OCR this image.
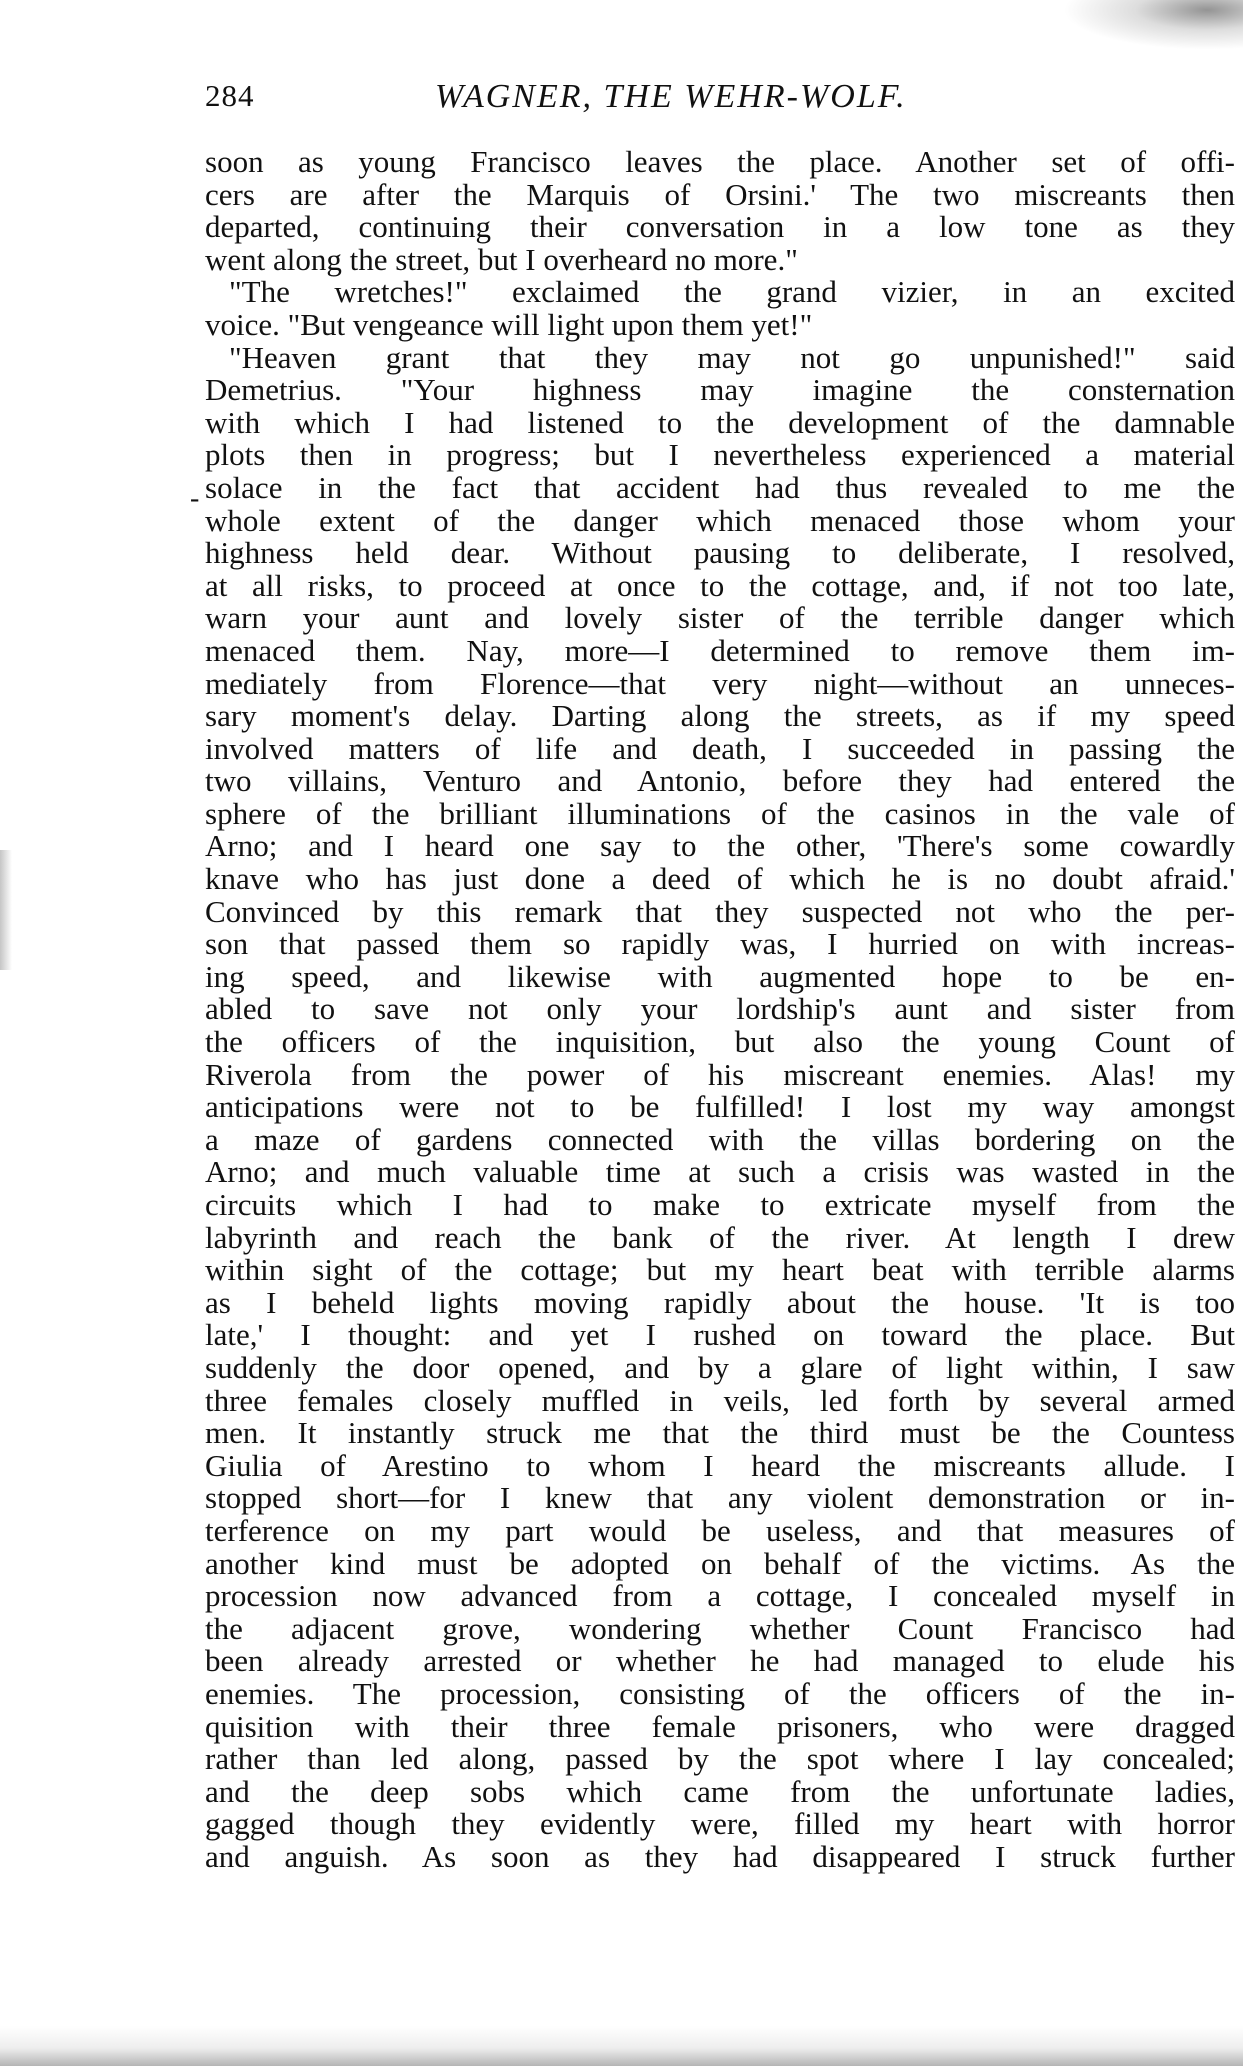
284	WAGNER, THE WEHR-WOLF.
-
soon as young Francisco leaves the place. Another set of offi-
cers are after the Marquis of Orsini.' The two miscreants then
departed, continuing their conversation in a low tone as they
went along the street, but I overheard no more."
"The wretches!" exclaimed the grand vizier, in an excited
voice. "But vengeance will light upon them yet!"
"Heaven grant that they may not go unpunished!" said
Demetrius. "Your highness may imagine the consternation
with which I had listened to the development of the damnable
plots then in progress; but I nevertheless experienced a material
solace in the fact that accident had thus revealed to me the
whole extent of the danger which menaced those whom your
highness held dear. Without pausing to deliberate, I resolved,
at all risks, to proceed at once to the cottage, and, if not too late,
warn your aunt and lovely sister of the terrible danger which
menaced them. Nay, more—I determined to remove them im-
mediately from Florence—that very night—without an unneces-
sary moment's delay. Darting along the streets, as if my speed
involved matters of life and death, I succeeded in passing the
two villains, Venturo and Antonio, before they had entered the
sphere of the brilliant illuminations of the casinos in the vale of
Arno; and I heard one say to the other, 'There's some cowardly
knave who has just done a deed of which he is no doubt afraid.'
Convinced by this remark that they suspected not who the per-
son that passed them so rapidly was, I hurried on with increas-
ing speed, and likewise with augmented hope to be en-
abled to save not only your lordship's aunt and sister from
the officers of the inquisition, but also the young Count of
Riverola from the power of his miscreant enemies. Alas! my
anticipations were not to be fulfilled! I lost my way amongst
a maze of gardens connected with the villas bordering on the
Arno; and much valuable time at such a crisis was wasted in the
circuits which I had to make to extricate myself from the
labyrinth and reach the bank of the river. At length I drew
within sight of the cottage; but my heart beat with terrible alarms
as I beheld lights moving rapidly about the house. 'It is too
late,' I thought: and yet I rushed on toward the place. But
suddenly the door opened, and by a glare of light within, I saw
three females closely muffled in veils, led forth by several armed
men. It instantly struck me that the third must be the Countess
Giulia of Arestino to whom I heard the miscreants allude. I
stopped short—for I knew that any violent demonstration or in-
terference on my part would be useless, and that measures of
another kind must be adopted on behalf of the victims. As the
procession now advanced from a cottage, I concealed myself in
the adjacent grove, wondering whether Count Francisco had
been already arrested or whether he had managed to elude his
enemies. The procession, consisting of the officers of the in-
quisition with their three female prisoners, who were dragged
rather than led along, passed by the spot where I lay concealed;
and the deep sobs which came from the unfortunate ladies,
gagged though they evidently were, filled my heart with horror
and anguish. As soon as they had disappeared I struck further
